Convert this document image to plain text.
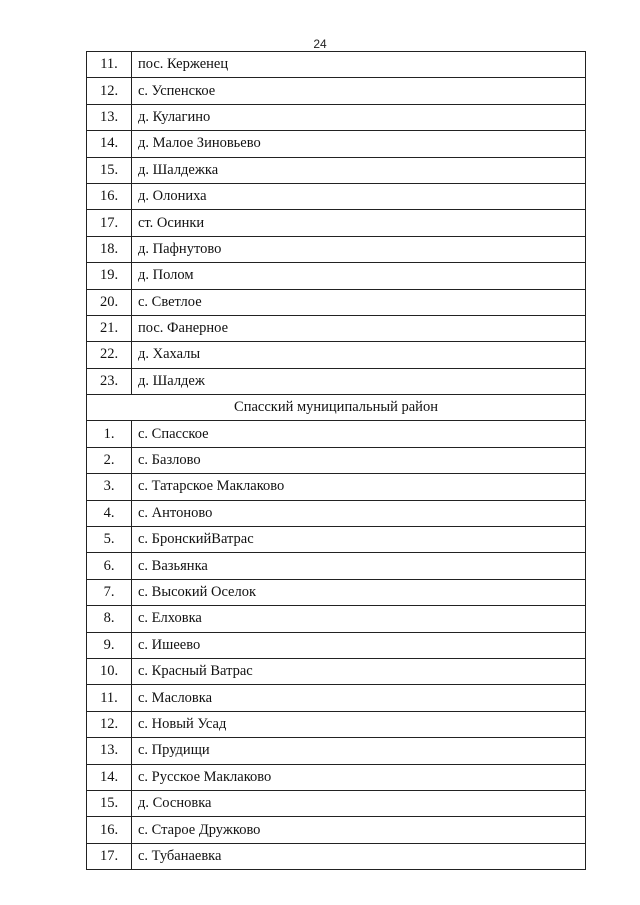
24
11.	пос. Керженец
12.	с. Успенское
13.	д. Кулагино
14.	д. Малое Зиновьево
15.	д. Шалдежка
16.	д. Олониха
17.	ст. Осинки
18.	д. Пафнутово
19.	д. Полом
20.	с. Светлое
21.	пос. Фанерное
22.	д. Хахалы
23.	д. Шалдеж
Спасский муниципальный район	
1.	с. Спасское
2.	с. Базлово
3.	с. Татарское Маклаково
4.	с. Антоново
5.	с. БронскийВатрас
6.	с. Вазьянка
7.	с. Высокий Оселок
8.	с. Елховка
9.	с. Ишеево
10.	с. Красный Ватрас
11.	с. Масловка
12.	с. Новый Усад
13.	с. Прудищи
14.	с. Русское Маклаково
15.	д. Сосновка
16.	с. Старое Дружково
17.	с. Тубанаевка
